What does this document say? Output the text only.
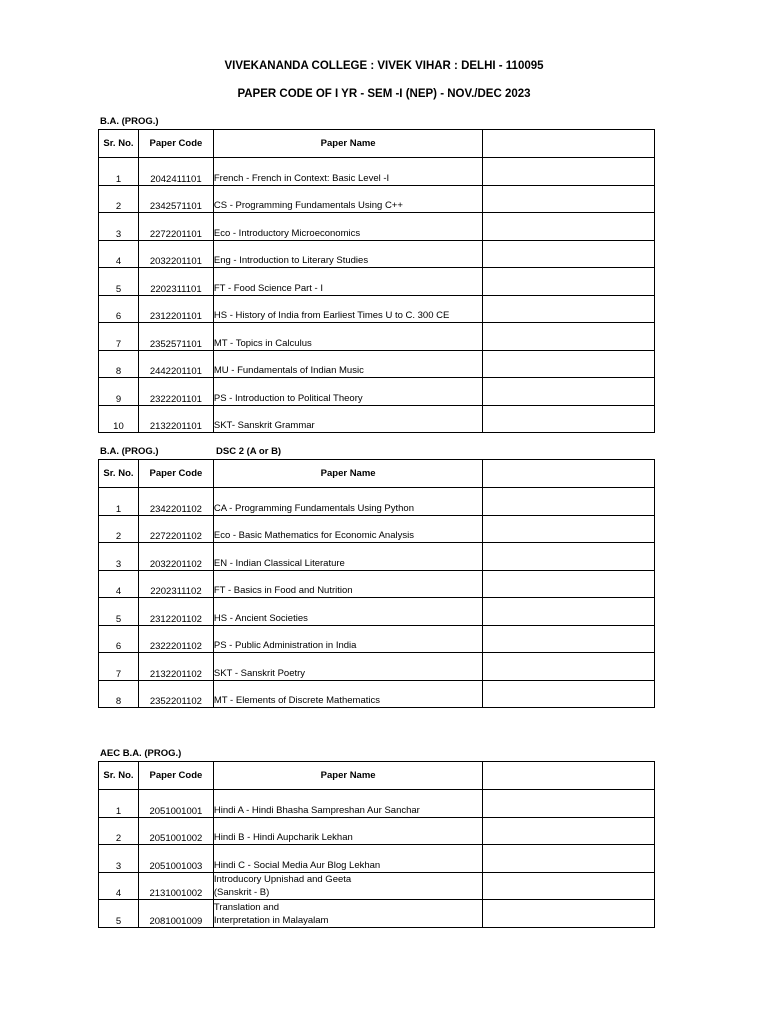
VIVEKANANDA COLLEGE : VIVEK VIHAR : DELHI - 110095
PAPER CODE OF I YR - SEM -I (NEP) - NOV./DEC 2023
B.A. (PROG.)
Sr. No.	Paper Code	Paper Name	
1	2042411101	French - French in Context: Basic Level -I	

2	2342571101	CS - Programming Fundamentals Using C++	

3	2272201101	Eco - Introductory Microeconomics	

4	2032201101	Eng - Introduction to Literary Studies	

5	2202311101	FT - Food Science Part - I	

6	2312201101	HS - History of India from Earliest Times U to C. 300 CE	

7	2352571101	MT - Topics in Calculus	

8	2442201101	MU - Fundamentals of Indian Music	

9	2322201101	PS - Introduction to Political Theory	

10	2132201101	SKT- Sanskrit Grammar	

B.A. (PROG.)	DSC 2 (A or B)
Sr. No.	Paper Code	Paper Name	
1	2342201102	CA - Programming Fundamentals Using Python	

2	2272201102	Eco - Basic Mathematics for Economic Analysis	

3	2032201102	EN - Indian Classical Literature	

4	2202311102	FT - Basics in Food and Nutrition	

5	2312201102	HS - Ancient Societies	

6	2322201102	PS - Public Administration in India	

7	2132201102	SKT - Sanskrit Poetry	

8	2352201102	MT - Elements of Discrete Mathematics	

AEC B.A. (PROG.)
Sr. No.	Paper Code	Paper Name	
1	2051001001	Hindi A - Hindi Bhasha Sampreshan Aur Sanchar	

2	2051001002	Hindi B - Hindi Aupcharik Lekhan	

3	2051001003	Hindi C - Social Media Aur Blog Lekhan	

4	2131001002	Introducory Upnishad and Geeta
(Sanskrit - B)	

5	2081001009	Translation and
Interpretation in Malayalam	
